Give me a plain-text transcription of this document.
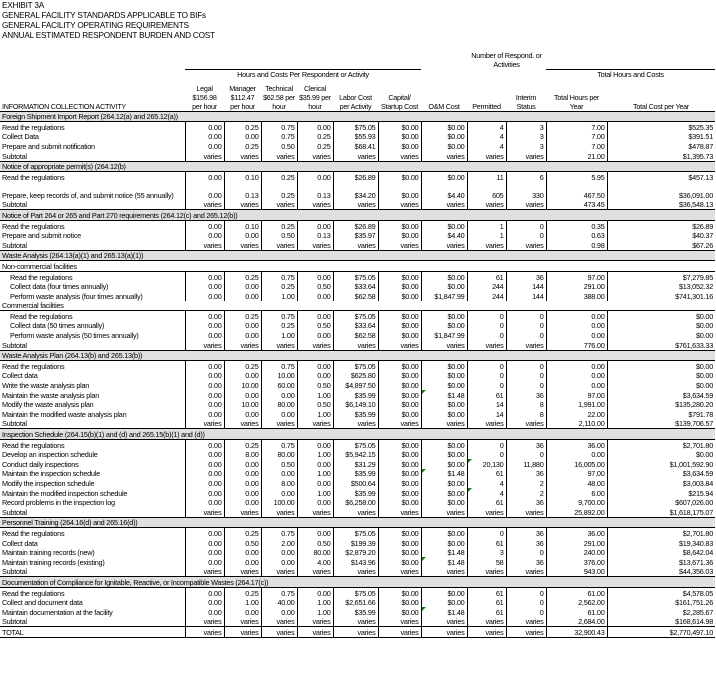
EXHIBIT 3A
GENERAL FACILITY STANDARDS APPLICABLE TO BIFs
GENERAL FACILITY OPERATING REQUIREMENTS
ANNUAL ESTIMATED RESPONDENT BURDEN AND COST
								Number of Respond. or Activities			
	Hours and Costs Per Respondent or Activity									Total Hours and Costs	
INFORMATION COLLECTION ACTIVITY	Legal $156.98 per hour	Manager $112.47 per hour	Technical $62.58 per hour	Clerical $35.99 per hour	Labor Cost per Activity	Capital/ Startup Cost	O&M Cost	Permitted	Interim Status	Total Hours per Year	Total Cost per Year
Foreign Shipment Import Report (264.12(a) and 265.12(a))											
Read the regulations	0.00	0.25	0.75	0.00	$75.05	$0.00	$0.00	4	3	7.00	$525.35
Collect Data	0.00	0.00	0.75	0.25	$55.93	$0.00	$0.00	4	3	7.00	$391.51
Prepare and submit notification	0.00	0.25	0.50	0.25	$68.41	$0.00	$0.00	4	3	7.00	$478.87
Subtotal	varies	varies	varies	varies	varies	varies	varies	varies	varies	21.00	$1,395.73
Notice of appropriate permit(s) (264.12(b)											
Read the regulations	0.00	0.10	0.25	0.00	$26.89	$0.00	$0.00	11	6	5.95	$457.13
Prepare, keep records of, and submit notice (55 annually)	0.00	0.13	0.25	0.13	$34.20	$0.00	$4.40	605	330	467.50	$36,091.00
Subtotal	varies	varies	varies	varies	varies	varies	varies	varies	varies	473.45	$36,548.13
Notice of Part 264 or 265 and Part 270 requirements (264.12(c) and 265.12(b))											
Read the regulations	0.00	0.10	0.25	0.00	$26.89	$0.00	$0.00	1	0	0.35	$26.89
Prepare and submit notice	0.00	0.00	0.50	0.13	$35.97	$0.00	$4.40	1	0	0.63	$40.37
Subtotal	varies	varies	varies	varies	varies	varies	varies	varies	varies	0.98	$67.26
Waste Analysis (264.13(a)(1) and 265.13(a)(1))											
Non-commercial facilities											
Read the regulations	0.00	0.25	0.75	0.00	$75.05	$0.00	$0.00	61	36	97.00	$7,279.85
Collect data (four times annually)	0.00	0.00	0.25	0.50	$33.64	$0.00	$0.00	244	144	291.00	$13,052.32
Perform waste analysis (four times annually)	0.00	0.00	1.00	0.00	$62.58	$0.00	$1,847.99	244	144	388.00	$741,301.16
Commercial facilities											
Read the regulations	0.00	0.25	0.75	0.00	$75.05	$0.00	$0.00	0	0	0.00	$0.00
Collect data (50 times annually)	0.00	0.00	0.25	0.50	$33.64	$0.00	$0.00	0	0	0.00	$0.00
Perform waste analysis (50 times annually)	0.00	0.00	1.00	0.00	$62.58	$0.00	$1,847.99	0	0	0.00	$0.00
Subtotal	varies	varies	varies	varies	varies	varies	varies	varies	varies	776.00	$761,633.33
Waste Analysis Plan (264.13(b) and 265.13(b))											
Read the regulations	0.00	0.25	0.75	0.00	$75.05	$0.00	$0.00	0	0	0.00	$0.00
Collect data	0.00	0.00	10.00	0.00	$625.80	$0.00	$0.00	0	0	0.00	$0.00
Write the waste analysis plan	0.00	10.00	60.00	0.50	$4,897.50	$0.00	$0.00	0	0	0.00	$0.00
Maintain the waste analysis plan	0.00	0.00	0.00	1.00	$35.99	$0.00	$1.48	61	36	97.00	$3,634.59
Modify the waste analysis plan	0.00	10.00	80.00	0.50	$6,149.10	$0.00	$0.00	14	8	1,991.00	$135,280.20
Maintain the modified waste analysis plan	0.00	0.00	0.00	1.00	$35.99	$0.00	$0.00	14	8	22.00	$791.78
Subtotal	varies	varies	varies	varies	varies	varies	varies	varies	varies	2,110.00	$139,706.57
Inspection Schedule (264.15(b)(1) and (d) and 265.15(b)(1) and (d))											
Read the regulations	0.00	0.25	0.75	0.00	$75.05	$0.00	$0.00	0	36	36.00	$2,701.80
Develop an inspection schedule	0.00	8.00	80.00	1.00	$5,942.15	$0.00	$0.00	0	0	0.00	$0.00
Conduct daily inspections	0.00	0.00	0.50	0.00	$31.29	$0.00	$0.00	20,130	11,880	16,005.00	$1,001,592.90
Maintain the inspection schedule	0.00	0.00	0.00	1.00	$35.99	$0.00	$1.48	61	36	97.00	$3,634.59
Modify the inspection schedule	0.00	0.00	8.00	0.00	$500.64	$0.00	$0.00	4	2	48.00	$3,003.84
Maintain the modified inspection schedule	0.00	0.00	0.00	1.00	$35.99	$0.00	$0.00	4	2	6.00	$215.94
Record problems in the inspection log	0.00	0.00	100.00	0.00	$6,258.00	$0.00	$0.00	61	36	9,700.00	$607,026.00
Subtotal	varies	varies	varies	varies	varies	varies	varies	varies	varies	25,892.00	$1,618,175.07
Personnel Training (264.16(d) and 265.16(d))											
Read the regulations	0.00	0.25	0.75	0.00	$75.05	$0.00	$0.00	0	36	36.00	$2,701.80
Collect data	0.00	0.50	2.00	0.50	$199.39	$0.00	$0.00	61	36	291.00	$19,340.83
Maintain training records (new)	0.00	0.00	0.00	80.00	$2,879.20	$0.00	$1.48	3	0	240.00	$8,642.04
Maintain training records (existing)	0.00	0.00	0.00	4.00	$143.96	$0.00	$1.48	58	36	376.00	$13,671.36
Subtotal	varies	varies	varies	varies	varies	varies	varies	varies	varies	943.00	$44,356.03
Documentation of Compliance for Ignitable, Reactive, or Incompatible Wastes (264.17(c))											
Read the regulations	0.00	0.25	0.75	0.00	$75.05	$0.00	$0.00	61	0	61.00	$4,578.05
Collect and document data	0.00	1.00	40.00	1.00	$2,651.66	$0.00	$0.00	61	0	2,562.00	$161,751.26
Maintain documentation at the facility	0.00	0.00	0.00	1.00	$35.99	$0.00	$1.48	61	0	61.00	$2,285.67
Subtotal	varies	varies	varies	varies	varies	varies	varies	varies	varies	2,684.00	$168,614.98
TOTAL	varies	varies	varies	varies	varies	varies	varies	varies	varies	32,900.43	$2,770,497.10
